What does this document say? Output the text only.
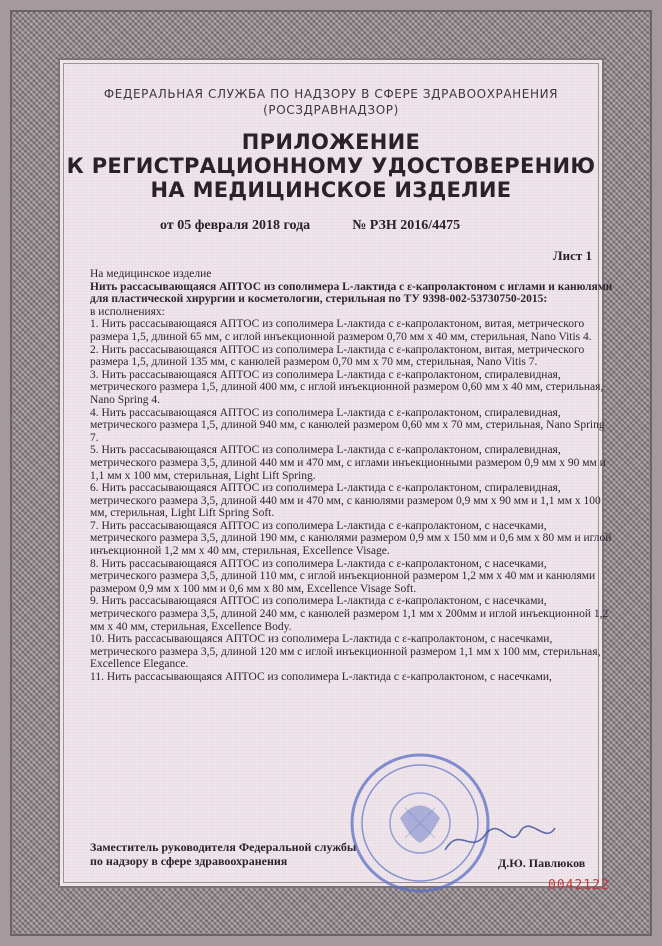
ФЕДЕРАЛЬНАЯ СЛУЖБА ПО НАДЗОРУ В СФЕРЕ ЗДРАВООХРАНЕНИЯ
(РОСЗДРАВНАДЗОР)
ПРИЛОЖЕНИЕ
К РЕГИСТРАЦИОННОМУ УДОСТОВЕРЕНИЮ
НА МЕДИЦИНСКОЕ ИЗДЕЛИЕ
от 05 февраля 2018 года	№ РЗН 2016/4475
Лист 1

На медицинское изделие

Нить рассасывающаяся АПТОС из сополимера L-лактида с ε-капролактоном с иглами и канюлями для пластической хирургии и косметологии, стерильная по ТУ 9398-002-53730750-2015:

в исполнениях:

1. Нить рассасывающаяся АПТОС из сополимера L-лактида с ε-капролактоном, витая, метрического размера 1,5, длиной 65 мм, с иглой инъекционной размером 0,70 мм x 40 мм, стерильная, Nano Vitis 4.

2. Нить рассасывающаяся АПТОС из сополимера L-лактида с ε-капролактоном, витая, метрического размера 1,5, длиной 135 мм, с канюлей размером 0,70 мм x 70 мм, стерильная, Nano Vitis 7.

3. Нить рассасывающаяся АПТОС из сополимера L-лактида с ε-капролактоном, спиралевидная, метрического размера 1,5, длиной 400 мм, с иглой инъекционной размером 0,60 мм x 40 мм, стерильная, Nano Spring 4.

4. Нить рассасывающаяся АПТОС из сополимера L-лактида с ε-капролактоном, спиралевидная, метрического размера 1,5, длиной 940 мм, с канюлей размером 0,60 мм x 70 мм, стерильная, Nano Spring 7.

5. Нить рассасывающаяся АПТОС из сополимера L-лактида с ε-капролактоном, спиралевидная, метрического размера 3,5, длиной 440 мм и 470 мм, с иглами инъекционными размером 0,9 мм x 90 мм и 1,1 мм x 100 мм, стерильная, Light Lift Spring.

6. Нить рассасывающаяся АПТОС из сополимера L-лактида с ε-капролактоном, спиралевидная, метрического размера 3,5, длиной 440 мм и 470 мм, с канюлями размером 0,9 мм x 90 мм и 1,1 мм x 100 мм, стерильная, Light Lift Spring Soft.

7. Нить рассасывающаяся АПТОС из сополимера L-лактида с ε-капролактоном, с насечками, метрического размера 3,5, длиной 190 мм, с канюлями размером 0,9 мм x 150 мм и 0,6 мм x 80 мм и иглой инъекционной 1,2 мм x 40 мм, стерильная, Excellence Visage.

8. Нить рассасывающаяся АПТОС из сополимера L-лактида с ε-капролактоном, с насечками, метрического размера 3,5, длиной 110 мм, с иглой инъекционной размером 1,2 мм x 40 мм и канюлями размером 0,9 мм x 100 мм и 0,6 мм x 80 мм, Excellence Visage Soft.

9. Нить рассасывающаяся АПТОС из сополимера L-лактида с ε-капролактоном, с насечками, метрического размера 3,5, длиной 240 мм, с канюлей размером 1,1 мм x 200мм и иглой инъекционной 1,2 мм x 40 мм, стерильная, Excellence Body.

10. Нить рассасывающаяся АПТОС из сополимера L-лактида с ε-капролактоном, с насечками, метрического размера 3,5, длиной 120 мм с иглой инъекционной размером 1,1 мм x 100 мм, стерильная, Excellence Elegance.

11. Нить рассасывающаяся АПТОС из сополимера L-лактида с ε-капролактоном, с насечками,

Заместитель руководителя Федеральной службы
по надзору в сфере здравоохранения	Д.Ю. Павлюков
0042122
